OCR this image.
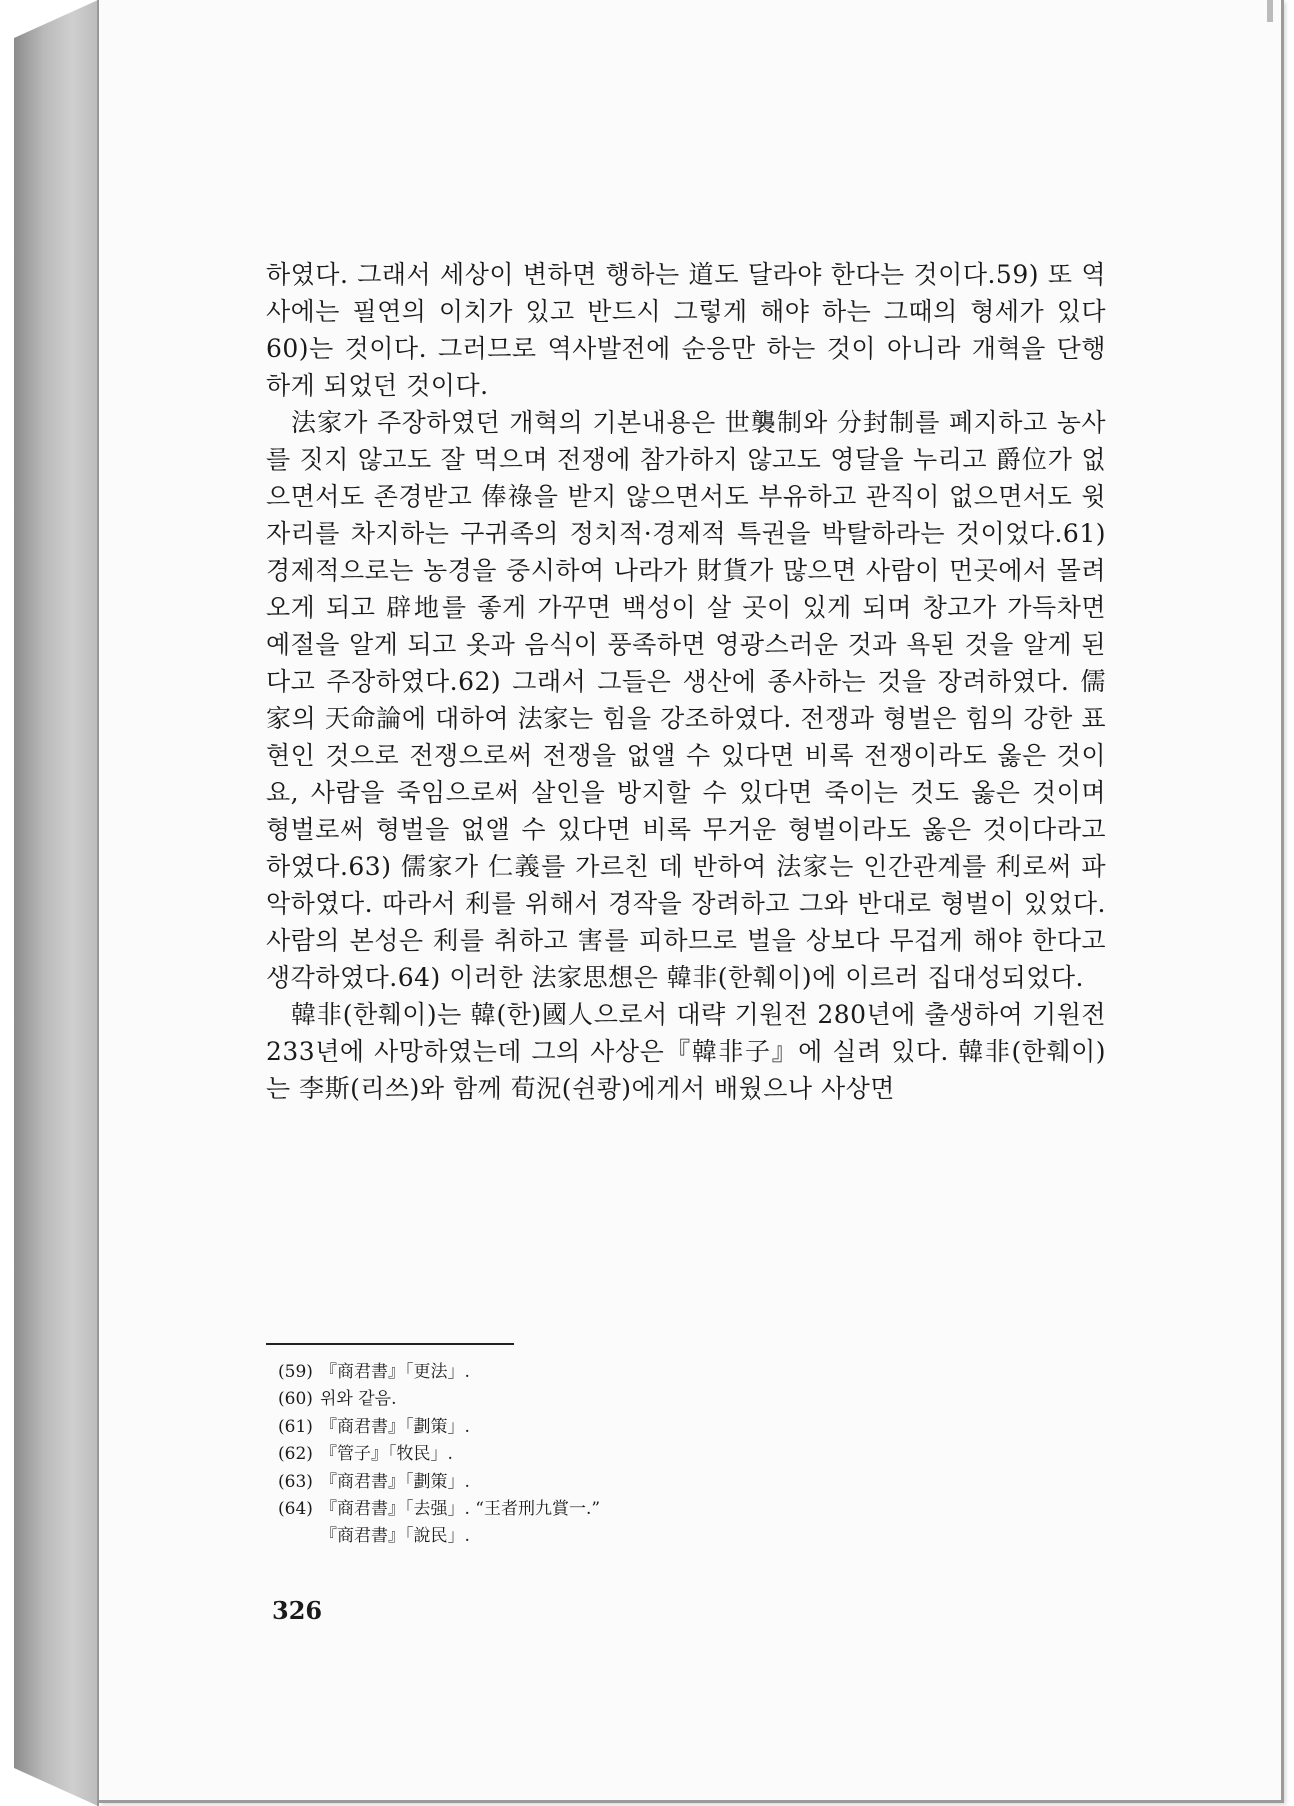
하였다. 그래서 세상이 변하면 행하는 道도 달라야 한다는 것이다.59) 또 역사에는 필연의 이치가 있고 반드시 그렇게 해야 하는 그때의 형세가 있다60)는 것이다. 그러므로 역사발전에 순응만 하는 것이 아니라 개혁을 단행하게 되었던 것이다.

法家가 주장하였던 개혁의 기본내용은 世襲制와 分封制를 폐지하고 농사를 짓지 않고도 잘 먹으며 전쟁에 참가하지 않고도 영달을 누리고 爵位가 없으면서도 존경받고 俸祿을 받지 않으면서도 부유하고 관직이 없으면서도 윗자리를 차지하는 구귀족의 정치적·경제적 특권을 박탈하라는 것이었다.61) 경제적으로는 농경을 중시하여 나라가 財貨가 많으면 사람이 먼곳에서 몰려 오게 되고 辟地를 좋게 가꾸면 백성이 살 곳이 있게 되며 창고가 가득차면 예절을 알게 되고 옷과 음식이 풍족하면 영광스러운 것과 욕된 것을 알게 된다고 주장하였다.62) 그래서 그들은 생산에 종사하는 것을 장려하였다. 儒家의 天命論에 대하여 法家는 힘을 강조하였다. 전쟁과 형벌은 힘의 강한 표현인 것으로 전쟁으로써 전쟁을 없앨 수 있다면 비록 전쟁이라도 옳은 것이요, 사람을 죽임으로써 살인을 방지할 수 있다면 죽이는 것도 옳은 것이며 형벌로써 형벌을 없앨 수 있다면 비록 무거운 형벌이라도 옳은 것이다라고 하였다.63) 儒家가 仁義를 가르친 데 반하여 法家는 인간관계를 利로써 파악하였다. 따라서 利를 위해서 경작을 장려하고 그와 반대로 형벌이 있었다. 사람의 본성은 利를 취하고 害를 피하므로 벌을 상보다 무겁게 해야 한다고 생각하였다.64) 이러한 法家思想은 韓非(한훼이)에 이르러 집대성되었다.

韓非(한훼이)는 韓(한)國人으로서 대략 기원전 280년에 출생하여 기원전 233년에 사망하였는데 그의 사상은『韓非子』에 실려 있다. 韓非(한훼이)는 李斯(리쓰)와 함께 荀況(쉰쾅)에게서 배웠으나 사상면

(59) 『商君書』「更法」.
(60) 위와 같음.
(61) 『商君書』「劃策」.
(62) 『管子』「牧民」.
(63) 『商君書』「劃策」.
(64) 『商君書』「去强」. “王者刑九賞一.”
『商君書』「說民」.
326
